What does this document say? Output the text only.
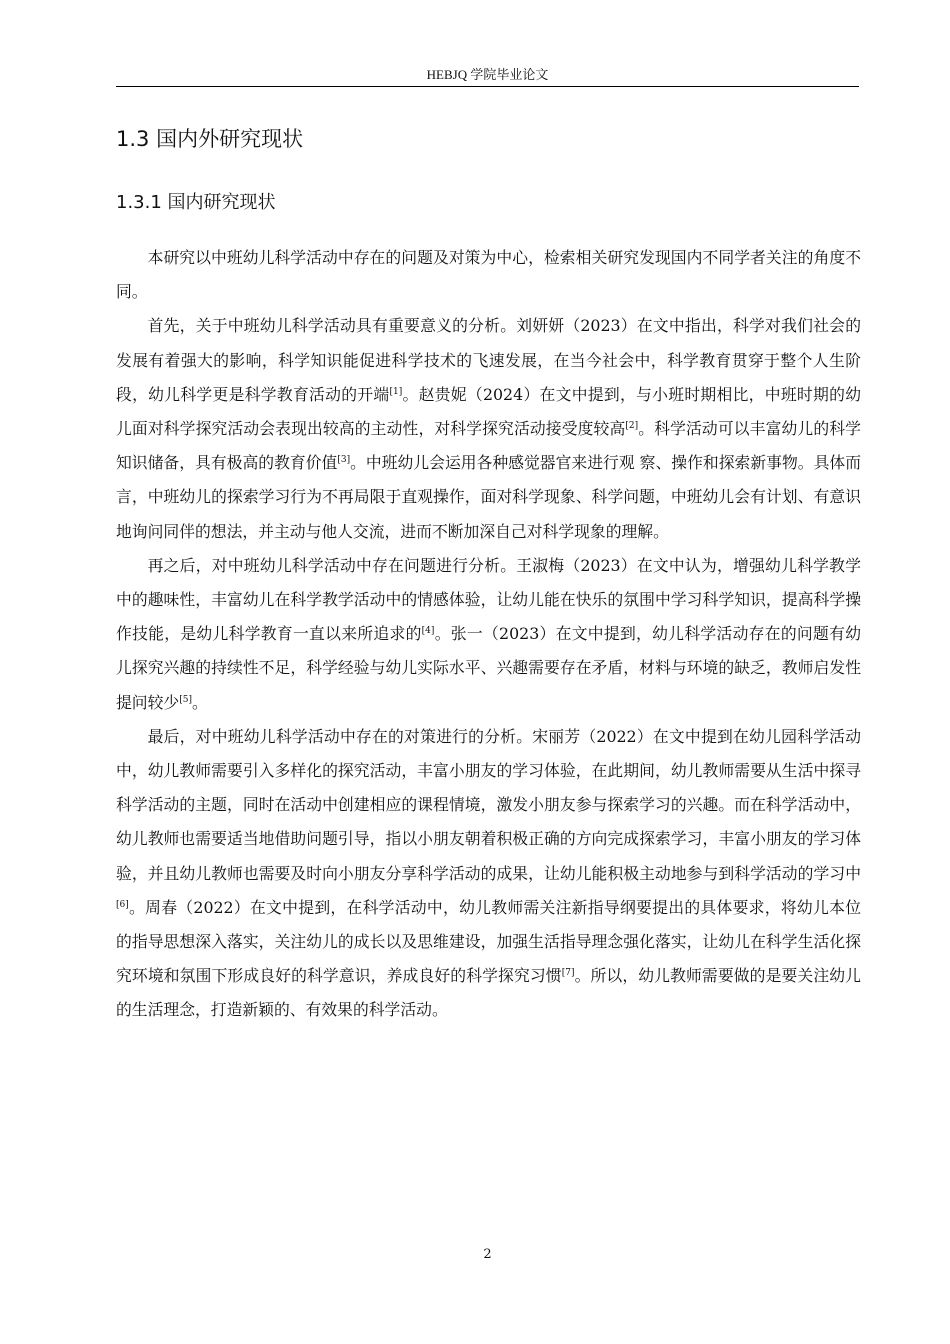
HEBJQ 学院毕业论文
1.3 国内外研究现状
1.3.1 国内研究现状

本研究以中班幼儿科学活动中存在的问题及对策为中心，检索相关研究发现国内不同学者关注的角度不同。

首先，关于中班幼儿科学活动具有重要意义的分析。刘妍妍（2023）在文中指出，科学对我们社会的发展有着强大的影响，科学知识能促进科学技术的飞速发展，在当今社会中，科学教育贯穿于整个人生阶段，幼儿科学更是科学教育活动的开端[1]。赵贵妮（2024）在文中提到，与小班时期相比，中班时期的幼儿面对科学探究活动会表现出较高的主动性，对科学探究活动接受度较高[2]。科学活动可以丰富幼儿的科学知识储备，具有极高的教育价值[3]。中班幼儿会运用各种感觉器官来进行观 察、操作和探索新事物。具体而言，中班幼儿的探索学习行为不再局限于直观操作，面对科学现象、科学问题，中班幼儿会有计划、有意识地询问同伴的想法，并主动与他人交流，进而不断加深自己对科学现象的理解。

再之后，对中班幼儿科学活动中存在问题进行分析。王淑梅（2023）在文中认为，增强幼儿科学教学中的趣味性，丰富幼儿在科学教学活动中的情感体验，让幼儿能在快乐的氛围中学习科学知识，提高科学操作技能，是幼儿科学教育一直以来所追求的[4]。张一（2023）在文中提到，幼儿科学活动存在的问题有幼儿探究兴趣的持续性不足，科学经验与幼儿实际水平、兴趣需要存在矛盾，材料与环境的缺乏，教师启发性提问较少[5]。

最后，对中班幼儿科学活动中存在的对策进行的分析。宋丽芳（2022）在文中提到在幼儿园科学活动中，幼儿教师需要引入多样化的探究活动，丰富小朋友的学习体验，在此期间，幼儿教师需要从生活中探寻科学活动的主题，同时在活动中创建相应的课程情境，激发小朋友参与探索学习的兴趣。而在科学活动中，幼儿教师也需要适当地借助问题引导，指以小朋友朝着积极正确的方向完成探索学习，丰富小朋友的学习体验，并且幼儿教师也需要及时向小朋友分享科学活动的成果，让幼儿能积极主动地参与到科学活动的学习中[6]。周春（2022）在文中提到，在科学活动中，幼儿教师需关注新指导纲要提出的具体要求，将幼儿本位的指导思想深入落实，关注幼儿的成长以及思维建设，加强生活指导理念强化落实，让幼儿在科学生活化探究环境和氛围下形成良好的科学意识，养成良好的科学探究习惯[7]。所以，幼儿教师需要做的是要关注幼儿的生活理念，打造新颖的、有效果的科学活动。

2
